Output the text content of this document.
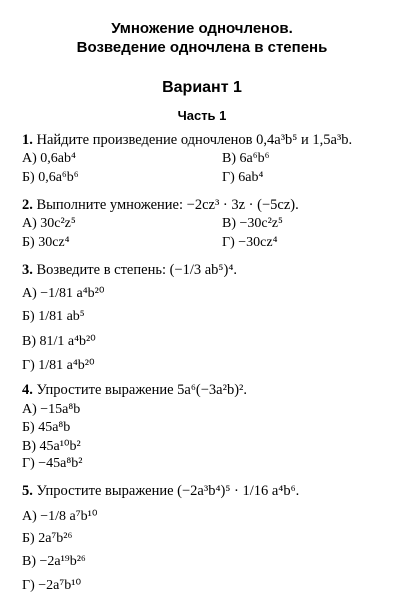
Умножение одночленов.
Возведение одночлена в степень
Вариант 1
Часть 1
1. Найдите произведение одночленов 0,4a³b⁵ и 1,5a³b.
А) 0,6ab⁴	В) 6a⁶b⁶
Б) 0,6a⁶b⁶	Г) 6ab⁴
2. Выполните умножение: −2cz³ · 3z · (−5cz).
А) 30c²z⁵	В) −30c²z⁵
Б) 30cz⁴	Г) −30cz⁴
3. Возведите в степень: (−1/3 ab⁵)⁴.
А) −1/81 a⁴b²⁰
Б) 1/81 ab⁵
В) 81/1 a⁴b²⁰
Г) 1/81 a⁴b²⁰
4. Упростите выражение 5a⁶(−3a²b)².
А) −15a⁸b
Б) 45a⁸b
В) 45a¹⁰b²
Г) −45a⁸b²
5. Упростите выражение (−2a³b⁴)⁵ · 1/16 a⁴b⁶.
А) −1/8 a⁷b¹⁰
Б) 2a⁷b²⁶
В) −2a¹⁹b²⁶
Г) −2a⁷b¹⁰
